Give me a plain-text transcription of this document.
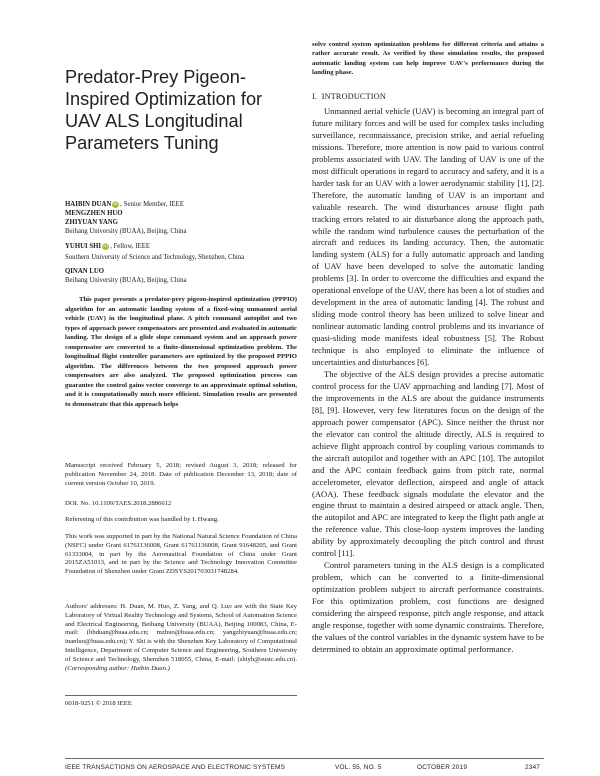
Predator-Prey Pigeon-Inspired Optimization for UAV ALS Longitudinal Parameters Tuning
HAIBIN DUAN iD , Senior Member, IEEE
MENGZHEN HUO
ZHIYUAN YANG
Beihang University (BUAA), Beijing, China
YUHUI SHI iD , Fellow, IEEE
Southern University of Science and Technology, Shenzhen, China
QINAN LUO
Beihang University (BUAA), Beijing, China
This paper presents a predator-prey pigeon-inspired optimization (PPPIO) algorithm for an automatic landing system of a fixed-wing unmanned aerial vehicle (UAV) in the longitudinal plane. A pitch command autopilot and two types of approach power compensators are presented and evaluated in automatic landing. The design of a glide slope command system and an approach power compensator are converted to a finite-dimensional optimization problem. The longitudinal flight controller parameters are optimized by the proposed PPPIO algorithm. The differences between the two proposed approach power compensators are also analyzed. The proposed optimization process can guarantee the control gains vector converge to an approximate optimal solution, and it is computationally much more efficient. Simulation results are presented to demonstrate that this approach helps
Manuscript received February 5, 2018; revised August 3, 2018; released for publication November 24, 2018. Date of publication December 13, 2018; date of current version October 10, 2019.
DOI. No. 10.1109/TAES.2018.2886612
Refereeing of this contribution was handled by I. Hwang.
This work was supported in part by the National Natural Science Foundation of China (NSFC) under Grant 61761136008, Grant 61761136008, Grant 91648205, and Grant 61333004, in part by the Aeronautical Foundation of China under Grant 2015ZA51013, and in part by the Science and Technology Innovation Committee Foundation of Shenzhen under Grant ZDSYS201703031748284.
Authors' addresses: H. Duan, M. Huo, Z. Yang, and Q. Luo are with the State Key Laboratory of Virtual Reality Technology and Systems, School of Automation Science and Electrical Engineering, Beihang University (BUAA), Beijing 100083, China, E-mail: (hbduan@buaa.edu.cn; mzhuo@buaa.edu.cn; yangzhiyuan@buaa.edu.cn; inanluo@buaa.edu.cn); Y. Shi is with the Shenzhen Key Laboratory of Computational Intelligence, Department of Computer Science and Engineering, Southern University of Science and Technology, Shenzhen 518055, China, E-mail: (shiyh@sustc.edu.cn). (Corresponding author: Haibin Duan.)
0018-9251 © 2018 IEEE
solve control system optimization problems for different criteria and attains a rather accurate result. As verified by these simulation results, the proposed automatic landing system can help improve UAV's performance during the landing phase.
I. INTRODUCTION

Unmanned aerial vehicle (UAV) is becoming an integral part of future military forces and will be used for complex tasks including surveillance, reconnaissance, precision strike, and aerial refueling missions. Therefore, more attention is now paid to various control problems associated with UAV. The landing of UAV is one of the most difficult operations in regard to accuracy and safety, and it is a harder task for an UAV with a lower aerodynamic stability [1], [2]. Therefore, the automatic landing of UAV is an important and valuable research. The wind disturbances arouse flight path tracking errors related to air disturbance along the approach path, while the random wind turbulence causes the perturbation of the aircraft and reduces its landing accuracy. Then, the automatic landing system (ALS) for a fully automatic approach and landing of UAV have been developed to solve the automatic landing problems [3]. In order to overcome the difficulties and expand the operational envelope of the UAV, there has been a lot of studies and development in the area of automatic landing [4]. The robust and sliding mode control theory has been utilized to solve linear and nonlinear automatic landing control problems and its invariance of quasi-sliding mode manifests ideal robustness [5]. The Robust technique is also employed to eliminate the influence of uncertainties and disturbances [6].

The objective of the ALS design provides a precise automatic control process for the UAV approaching and landing [7]. Most of the improvements in the ALS are about the guidance instruments [8], [9]. However, very few literatures focus on the design of the approach power compensator (APC). Since neither the thrust nor the elevator can control the altitude directly, ALS is required to achieve flight approach control by coupling various commands to the aircraft autopilot and together with an APC [10]. The autopilot and the APC contain feedback gains from pitch rate, normal accelerometer, elevator deflection, airspeed and angle of attack (AOA). These feedback signals modulate the elevator and the engine thrust to maintain a desired airspeed or attack angle. Then, the autopilot and APC are integrated to keep the flight path angle at the reference value. This close-loop system improves the landing ability by approximately decoupling the pitch control and thrust control [11].

Control parameters tuning in the ALS design is a complicated problem, which can be converted to a finite-dimensional optimization problem subject to aircraft performance constraints. For this optimization problem, cost functions are designed considering the airspeed response, pitch angle response, and attack angle response, together with some dynamic constraints. Therefore, the values of the control variables in the dynamic system have to be determined to obtain an approximate optimal performance.

IEEE TRANSACTIONS ON AEROSPACE AND ELECTRONIC SYSTEMS	VOL. 55, NO. 5	OCTOBER 2019	2347
